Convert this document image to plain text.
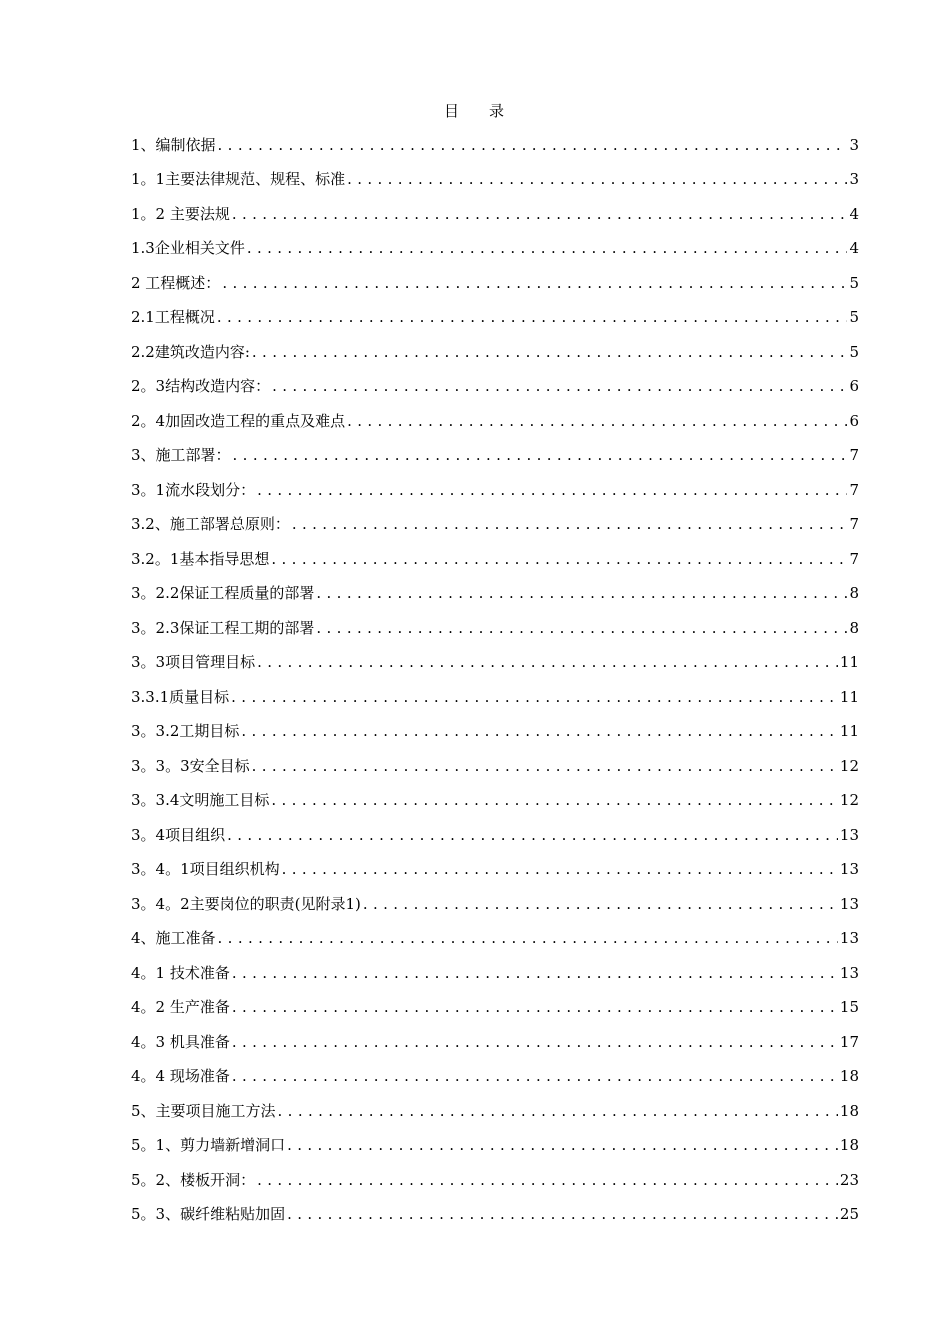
目 录
1、编制依据 . . .	3
1。1主要法律规范、规程、标准 . . .	3
1。2 主要法规 . . .	4
1.3企业相关文件 . . .	4
2 工程概述： . . .	5
2.1工程概况 . . .	5
2.2建筑改造内容: . . .	5
2。3结构改造内容： . . .	6
2。4加固改造工程的重点及难点 . . .	6
3、施工部署： . . .	7
3。1流水段划分： . . .	7
3.2、施工部署总原则： . . .	7
3.2。1基本指导思想 . . .	7
3。2.2保证工程质量的部署 . . .	8
3。2.3保证工程工期的部署 . . .	8
3。3项目管理目标 . . .	11
3.3.1质量目标 . . .	11
3。3.2工期目标 . . .	11
3。3。3安全目标 . . .	12
3。3.4文明施工目标 . . .	12
3。4项目组织 . . .	13
3。4。1项目组织机构 . . .	13
3。4。2主要岗位的职责(见附录1) . . .	13
4、施工准备 . . .	13
4。1 技术准备 . . .	13
4。2 生产准备 . . .	15
4。3 机具准备 . . .	17
4。4 现场准备 . . .	18
5、主要项目施工方法 . . .	18
5。1、剪力墙新增洞口 . . .	18
5。2、楼板开洞： . . .	23
5。3、碳纤维粘贴加固 . . .	25
